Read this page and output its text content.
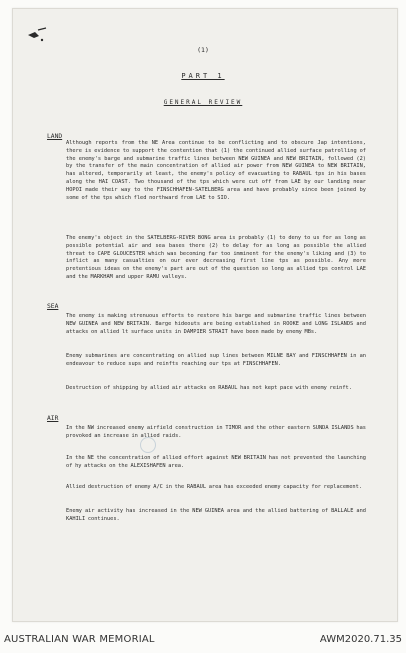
(1)
PART 1
GENERAL REVIEW
LAND
Although reports from the NE Area continue to be conflicting and to obscure Jap intentions, there is evidence to support the contention that (1) the continued allied surface patrolling of the enemy's barge and submarine traffic lines between NEW GUINEA and NEW BRITAIN, followed (2) by the transfer of the main concentration of allied air power from NEW GUINEA to NEW BRITAIN, has altered, temporarily at least, the enemy's policy of evacuating to RABAUL tps in his bases along the HAI COAST. Two thousand of the tps which were cut off from LAE by our landing near HOPOI made their way to the FINSCHHAFEN-SATELBERG area and have probably since been joined by some of the tps which fled northward from LAE to SIO.
The enemy's object in the SATELBERG-RIVER BONG area is probably (1) to deny to us for as long as possible potential air and sea bases there (2) to delay for as long as possible the allied threat to CAPE GLOUCESTER which was becoming far too imminent for the enemy's liking and (3) to inflict as many casualties on our ever decreasing first line tps as possible. Any more pretentious ideas on the enemy's part are out of the question so long as allied tps control LAE and the MARKHAM and upper RAMU valleys.
SEA
The enemy is making strenuous efforts to restore his barge and submarine traffic lines between NEW GUINEA and NEW BRITAIN. Barge hideouts are being established in ROOKE and LONG ISLANDS and attacks on allied lt surface units in DAMPIER STRAIT have been made by enemy MBs.
Enemy submarines are concentrating on allied sup lines between MILNE BAY and FINSCHHAFEN in an endeavour to reduce sups and reinfts reaching our tps at FINSCHHAFEN.
Destruction of shipping by allied air attacks on RABAUL has not kept pace with enemy reinft.
AIR
In the NW increased enemy airfield construction in TIMOR and the other eastern SUNDA ISLANDS has provoked an increase in allied raids.
In the NE the concentration of allied effort against NEW BRITAIN has not prevented the launching of hy attacks on the ALEXISHAFEN area.
Allied destruction of enemy A/C in the RABAUL area has exceeded enemy capacity for replacement.
Enemy air activity has increased in the NEW GUINEA area and the allied battering of BALLALE and KAHILI continues.
AUSTRALIAN WAR MEMORIAL	AWM2020.71.35
